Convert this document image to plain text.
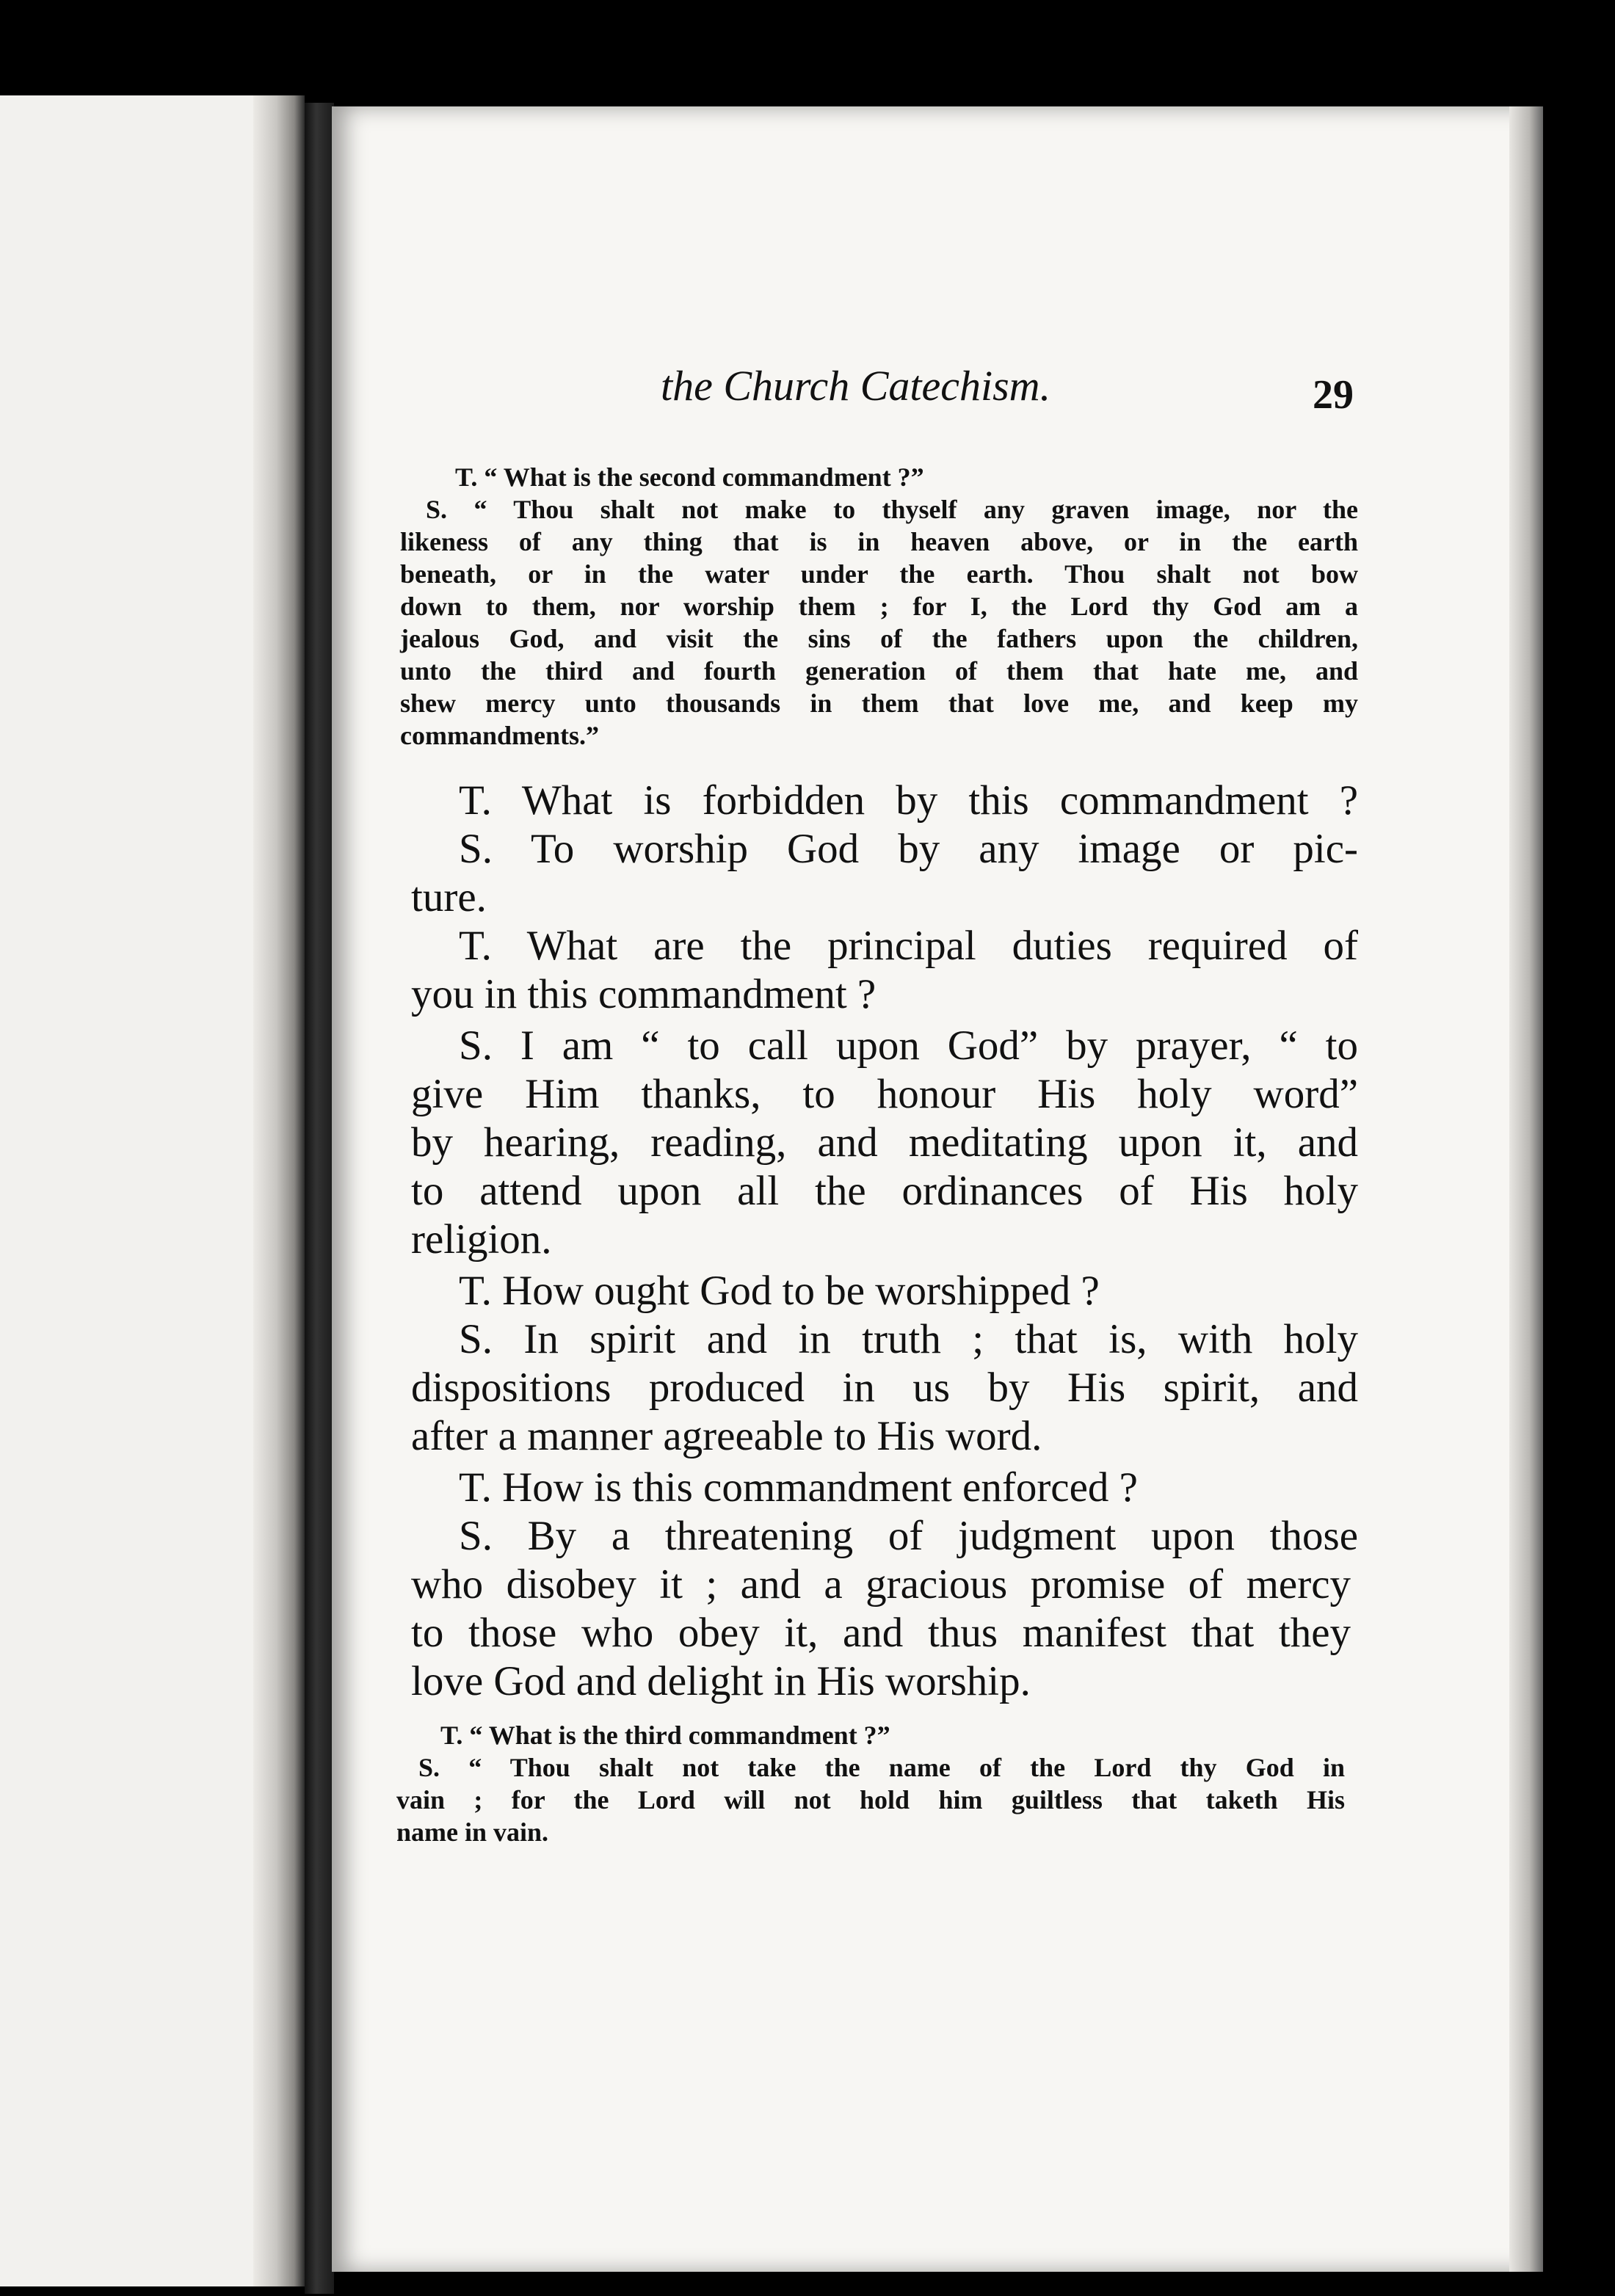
the Church Catechism.	29
T. “ What is the second commandment ?”
S. “ Thou shalt not make to thyself any graven image, nor the
likeness of any thing that is in heaven above, or in the earth
beneath, or in the water under the earth. Thou shalt not bow
down to them, nor worship them ; for I, the Lord thy God am a
jealous God, and visit the sins of the fathers upon the children,
unto the third and fourth generation of them that hate me, and
shew mercy unto thousands in them that love me, and keep my
commandments.”
T. What is forbidden by this commandment ?
S. To worship God by any image or pic-
ture.
T. What are the principal duties required of
you in this commandment ?
S. I am “ to call upon God” by prayer, “ to
give Him thanks, to honour His holy word”
by hearing, reading, and meditating upon it, and
to attend upon all the ordinances of His holy
religion.
T. How ought God to be worshipped ?
S. In spirit and in truth ; that is, with holy
dispositions produced in us by His spirit, and
after a manner agreeable to His word.
T. How is this commandment enforced ?
S. By a threatening of judgment upon those
who disobey it ; and a gracious promise of mercy
to those who obey it, and thus manifest that they
love God and delight in His worship.
T. “ What is the third commandment ?”
S. “ Thou shalt not take the name of the Lord thy God in
vain ; for the Lord will not hold him guiltless that taketh His
name in vain.
